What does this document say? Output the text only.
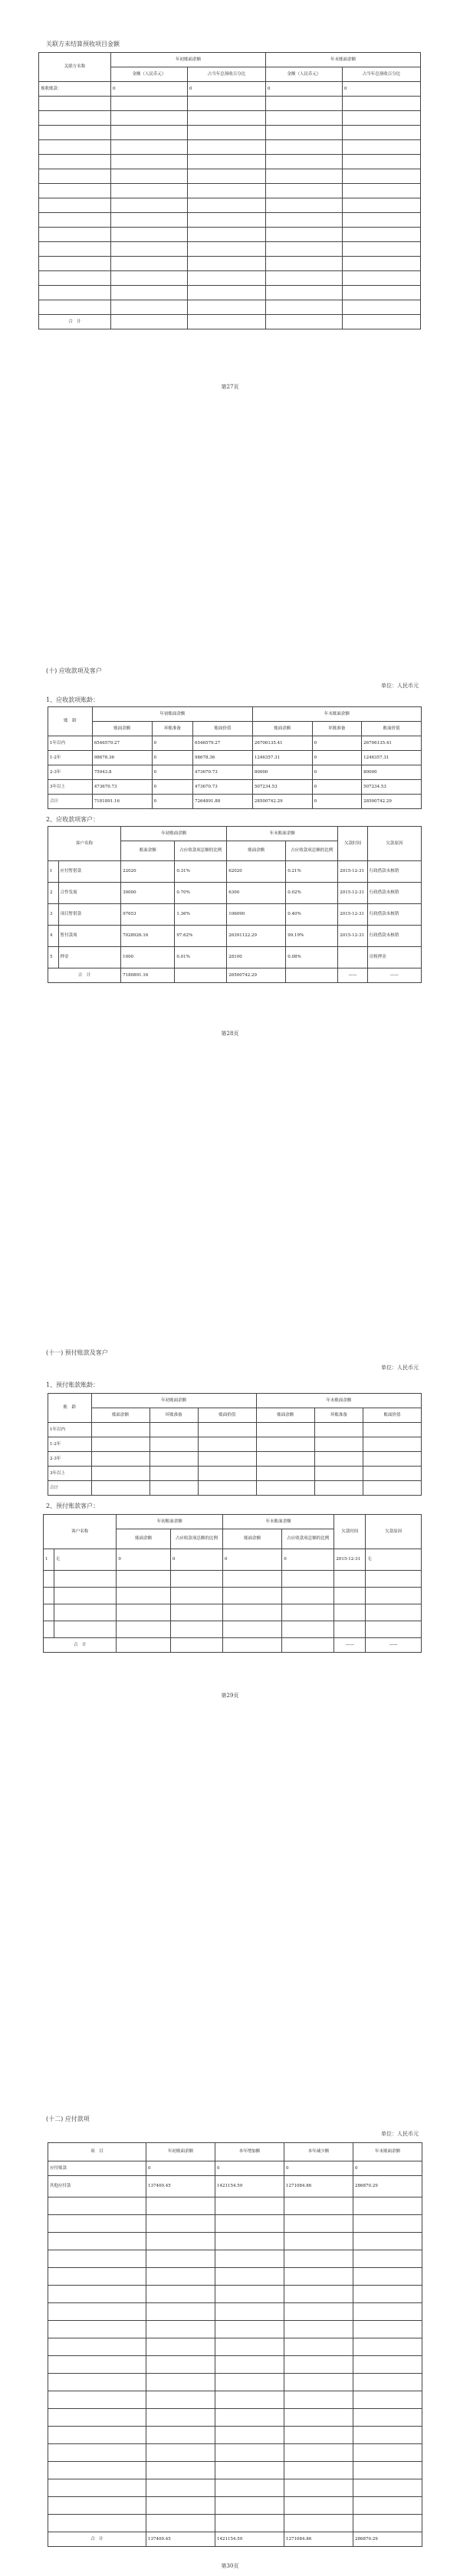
关联方未结算预收项目金额
关联方名称	年初账面余额		年末账面余额	
	金额（人民币元）	占当年总预收百分比	金额（人民币元）	占当年总预收百分比
预收账款：	0	0	0	0

合　计				
第27页
(十) 应收款项及客户
单位：人民币元
1、应收款项账龄：
账　龄	年初账面余额			年末账面余额		
	账面余额	坏账准备	账面价值	账面余额	坏账准备	账面价值
1年以内	6546579.27	0	6546579.27	26706135.41	0	26706135.41
1-2年	98678.36	0	98678.36	1246357.31	0	1246357.31
2-3年	75943.8	0	473670.73	80000	0	80000
3年以上	473670.73	0	473670.73	507234.53	0	507234.53
合计	7181891.16	0	7264891.88	28500742.29	0	28500742.29
2、应收款项客户：
客户名称		年初账面余额		年末账面余额		欠款时间	欠款原因
		账面余额	占应收款项总额的比例	账面余额	占应收款项总额的比例		
1	应付暂借款	22020	0.31%	62020	0.21%	2015-12-31	行政借款未核销
2	合作发展	30000	0.70%	6300	0.02%	2015-12-31	行政借款未核销
3	项目暂借款	97653	1.36%	106090	0.40%	2015-12-31	行政借款未核销
4	暂付款项	7028926.16	97.62%	26391122.29	99.19%	2015-12-31	行政借款未核销
5	押金	1000	0.01%	28100	0.08%		房租押金
合　计		7180891.16		26500742.29		——	——
第28页
(十一) 预付账款及客户
单位：人民币元
1、预付账款账龄：
账　龄	年初账面余额			年末账面余额		
	账面余额	坏账准备	账面价值	账面余额	坏账准备	账面价值
1年以内						
1-2年						
2-3年						
3年以上						
合计						
2、预付账款客户：
客户名称		年初账面余额		年末账面余额		欠款时间	欠款原因
		账面余额	占应收款项总额的比例	账面余额	占应收款项总额的比例		
1	无	0	0	0	0	2015-12-31	无

合　计						——	——
第29页
(十二) 应付款项
单位：人民币元
项　目	年初账面余额	本年增加额	本年减少额	年末账面余额
应付账款	0	0	0	0
其他应付款	137400.45	1421154.59	1271084.86	286870.29

合　计	137400.45	1421154.59	1271084.86	286870.29
第30页
